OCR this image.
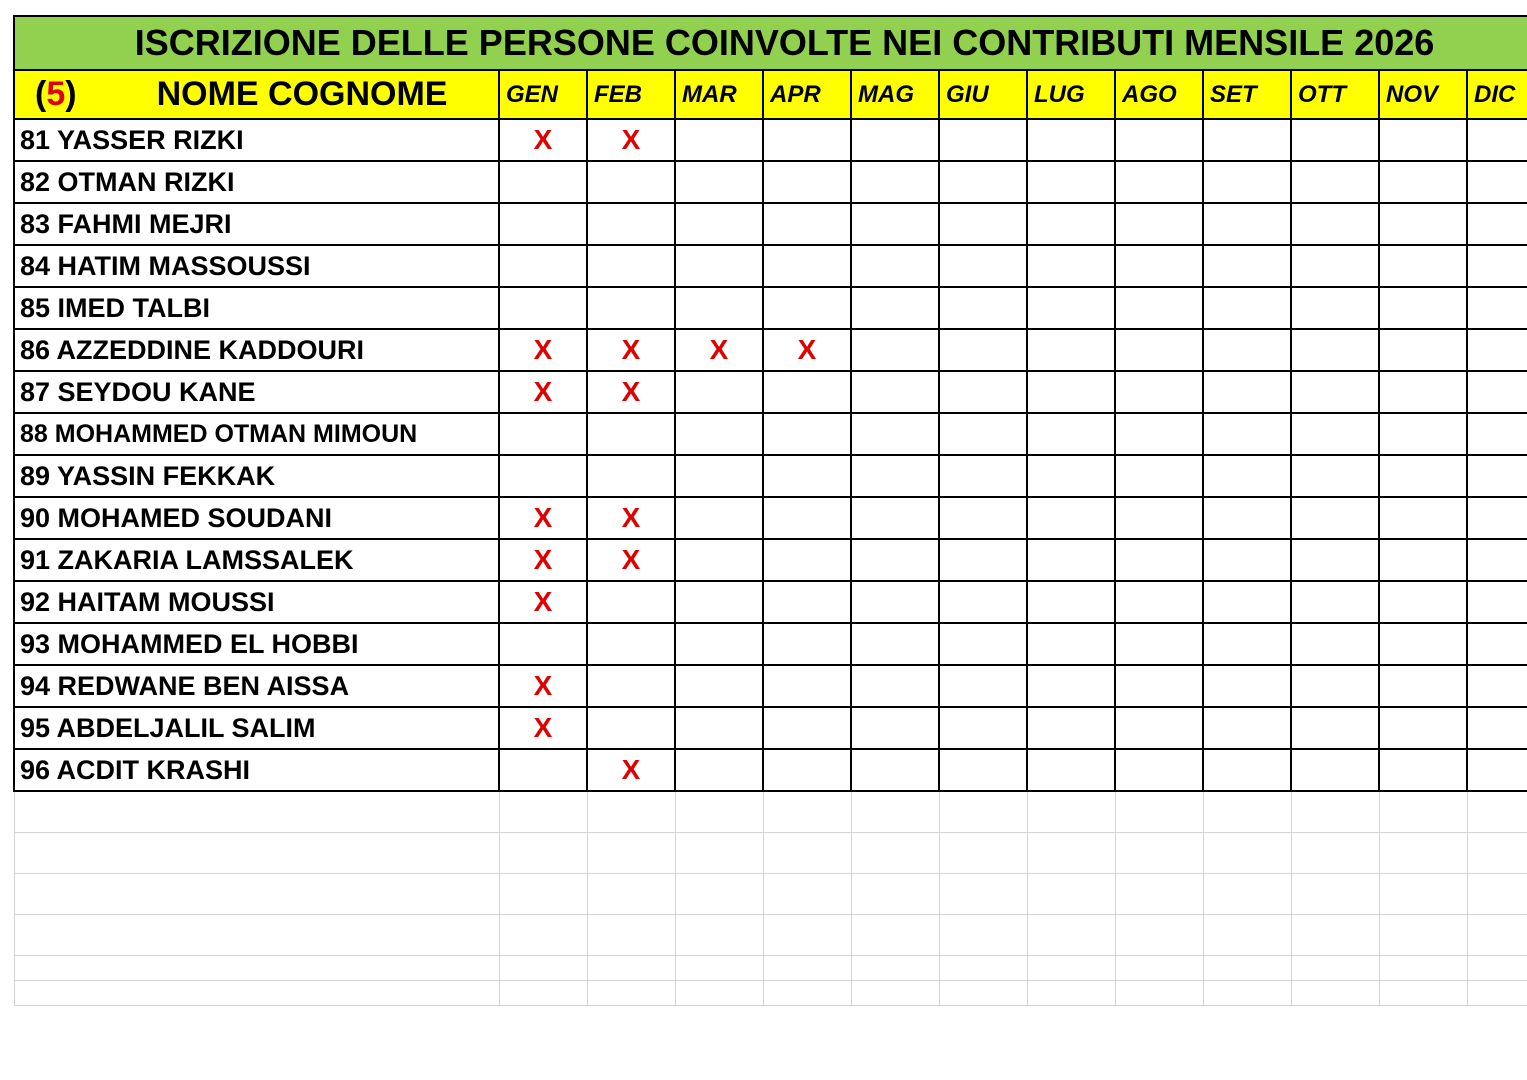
ISCRIZIONE DELLE PERSONE COINVOLTE NEI CONTRIBUTI MENSILE 2026												
(5) NOME COGNOME	GEN	FEB	MAR	APR	MAG	GIU	LUG	AGO	SET	OTT	NOV	DIC
81 YASSER RIZKI	X	X										
82 OTMAN RIZKI												
83 FAHMI MEJRI												
84 HATIM MASSOUSSI												
85 IMED TALBI												
86 AZZEDDINE KADDOURI	X	X	X	X								
87 SEYDOU KANE	X	X										
88 MOHAMMED OTMAN MIMOUN												
89 YASSIN FEKKAK												
90 MOHAMED SOUDANI	X	X										
91 ZAKARIA LAMSSALEK	X	X										
92 HAITAM MOUSSI	X											
93 MOHAMMED EL HOBBI												
94 REDWANE BEN AISSA	X											
95 ABDELJALIL SALIM	X											
96 ACDIT KRASHI		X										
